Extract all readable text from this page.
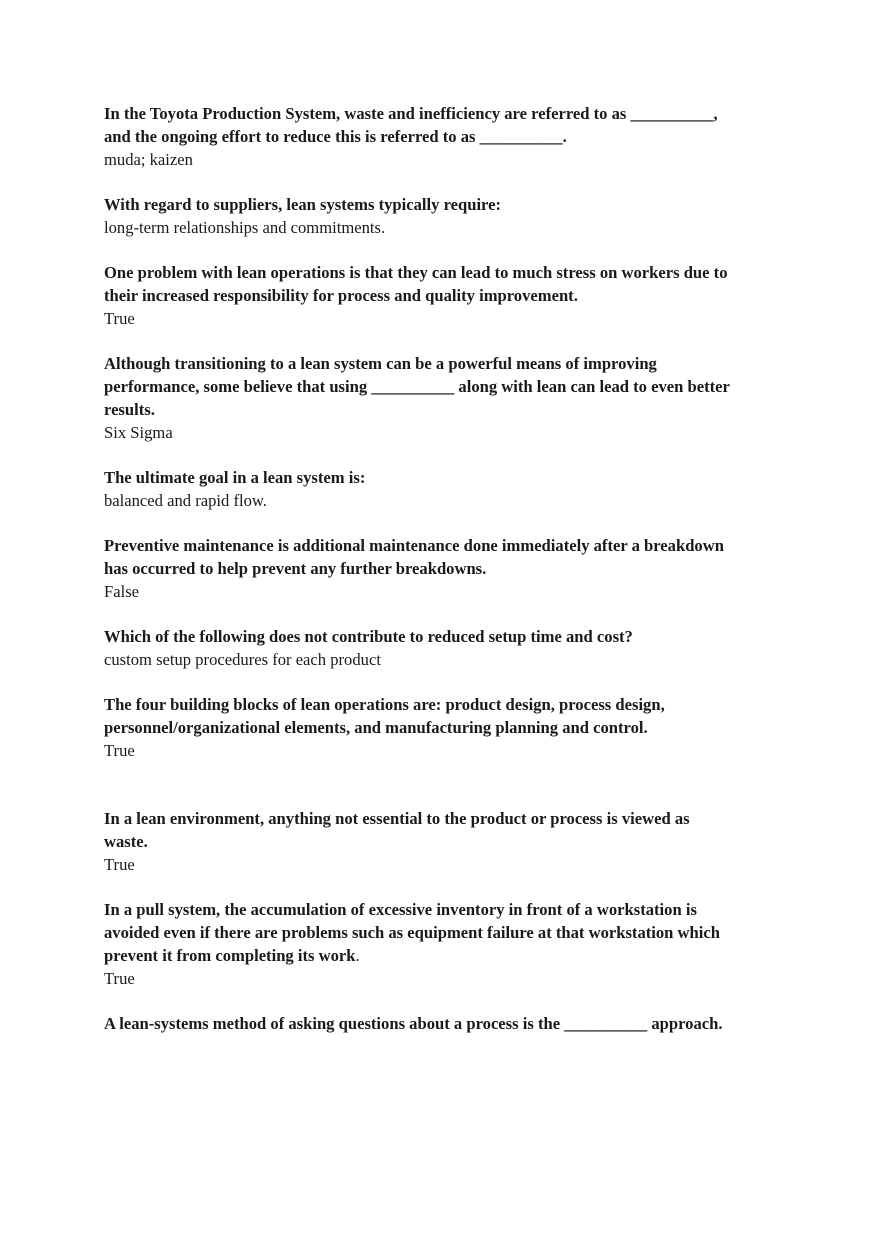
In the Toyota Production System, waste and inefficiency are referred to as __________,
and the ongoing effort to reduce this is referred to as __________.

muda; kaizen

With regard to suppliers, lean systems typically require:

long-term relationships and commitments.

One problem with lean operations is that they can lead to much stress on workers due to
their increased responsibility for process and quality improvement.

True

Although transitioning to a lean system can be a powerful means of improving
performance, some believe that using __________ along with lean can lead to even better
results.

Six Sigma

The ultimate goal in a lean system is:

balanced and rapid flow.

Preventive maintenance is additional maintenance done immediately after a breakdown
has occurred to help prevent any further breakdowns.

False

Which of the following does not contribute to reduced setup time and cost?

custom setup procedures for each product

The four building blocks of lean operations are: product design, process design,
personnel/organizational elements, and manufacturing planning and control.

True

In a lean environment, anything not essential to the product or process is viewed as
waste.

True

In a pull system, the accumulation of excessive inventory in front of a workstation is
avoided even if there are problems such as equipment failure at that workstation which
prevent it from completing its work.

True

A lean-systems method of asking questions about a process is the __________ approach.
